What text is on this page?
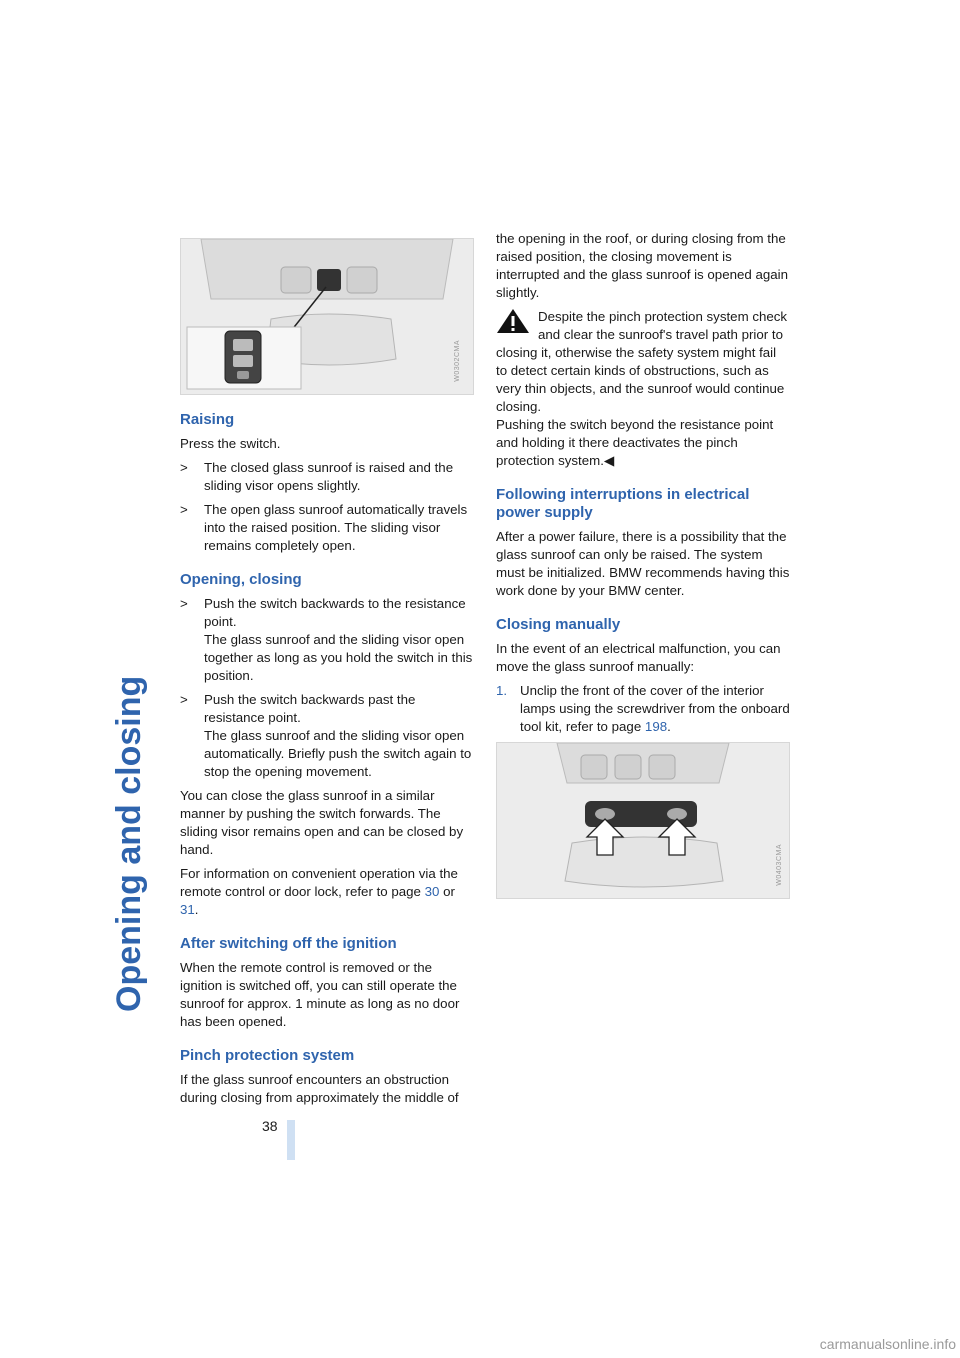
Opening and closing
W0302CMA
Raising

Press the switch.

> The closed glass sunroof is raised and the sliding visor opens slightly.
> The open glass sunroof automatically travels into the raised position. The sliding visor remains completely open.
Opening, closing
> Push the switch backwards to the resistance point.
The glass sunroof and the sliding visor open together as long as you hold the switch in this position.
> Push the switch backwards past the resistance point.
The glass sunroof and the sliding visor open automatically. Briefly push the switch again to stop the opening movement.

You can close the glass sunroof in a similar manner by pushing the switch forwards. The sliding visor remains open and can be closed by hand.

For information on convenient operation via the remote control or door lock, refer to page 30 or 31.

After switching off the ignition

When the remote control is removed or the ignition is switched off, you can still operate the sunroof for approx. 1 minute as long as no door has been opened.

Pinch protection system

If the glass sunroof encounters an obstruction during closing from approximately the middle of

the opening in the roof, or during closing from the raised position, the closing movement is interrupted and the glass sunroof is opened again slightly.

Despite the pinch protection system check and clear the sunroof's travel path prior to closing it, otherwise the safety system might fail to detect certain kinds of obstructions, such as very thin objects, and the sunroof would continue closing.
Pushing the switch beyond the resistance point and holding it there deactivates the pinch protection system.◀
Following interruptions in electrical power supply

After a power failure, there is a possibility that the glass sunroof can only be raised. The system must be initialized. BMW recommends having this work done by your BMW center.

Closing manually

In the event of an electrical malfunction, you can move the glass sunroof manually:

1. Unclip the front of the cover of the interior lamps using the screwdriver from the onboard tool kit, refer to page 198.
W0403CMA
38
carmanualsonline.info
